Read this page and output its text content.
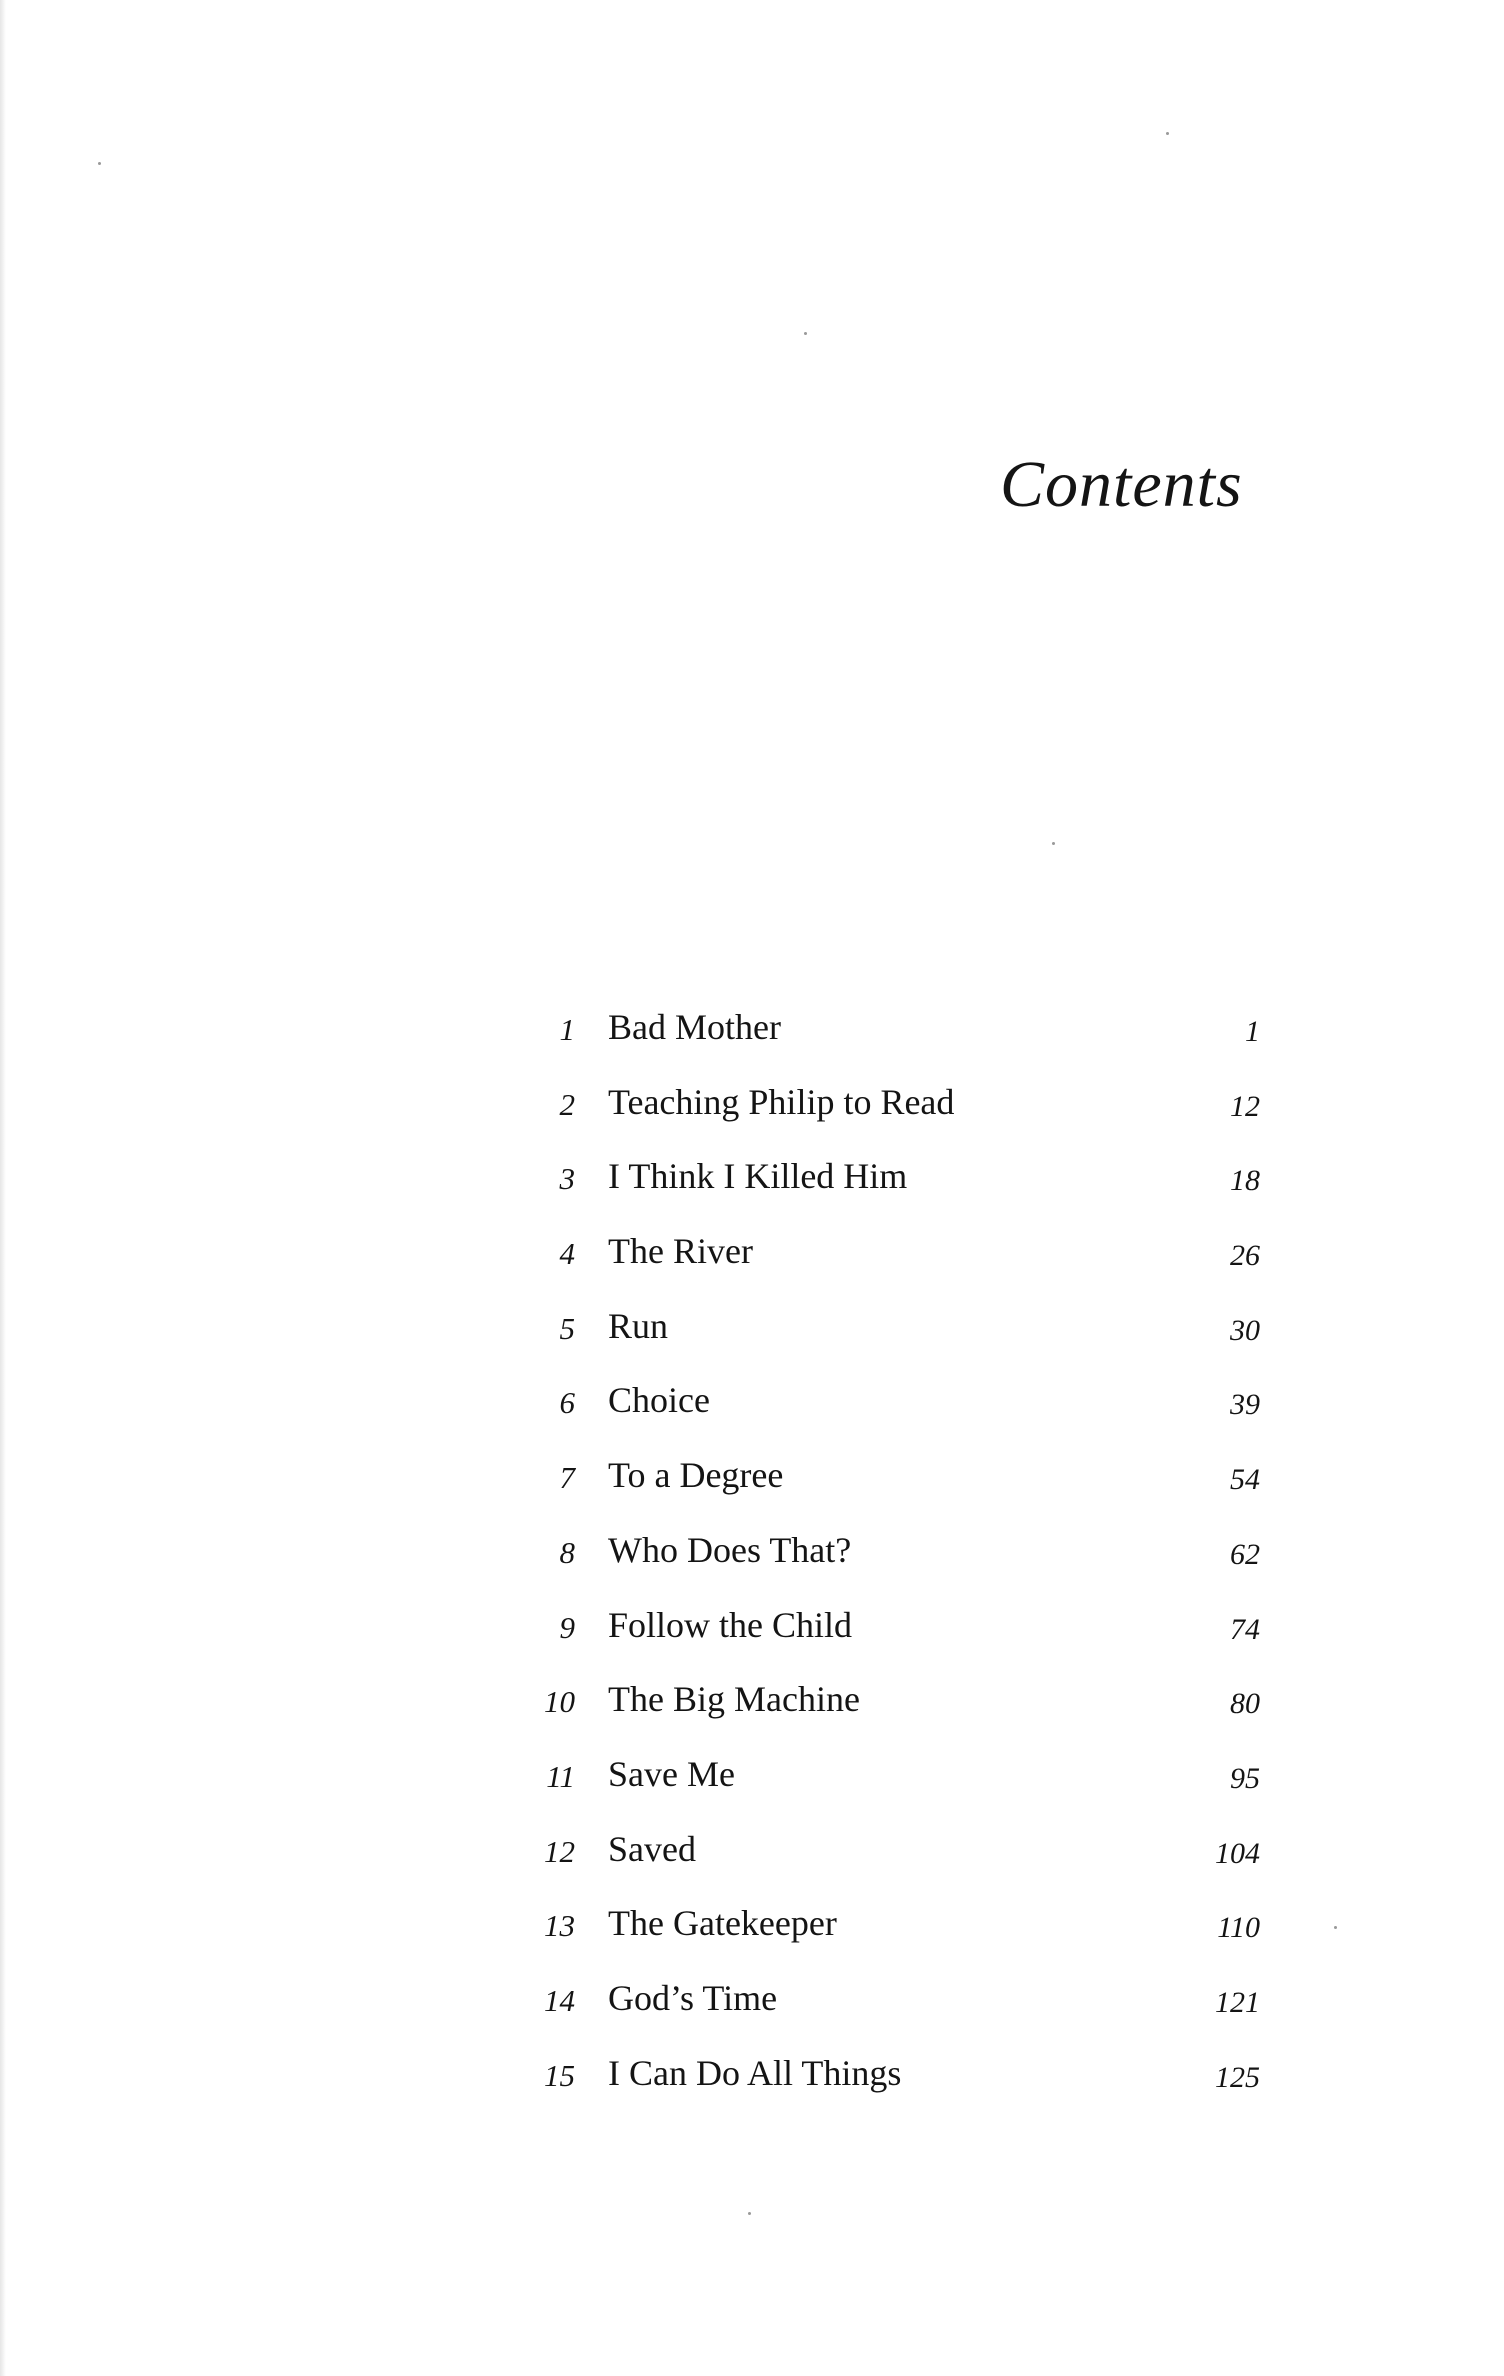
Contents
1 Bad Mother	1
2 Teaching Philip to Read	12
3 I Think I Killed Him	18
4 The River	26
5 Run	30
6 Choice	39
7 To a Degree	54
8 Who Does That?	62
9 Follow the Child	74
10 The Big Machine	80
11 Save Me	95
12 Saved	104
13 The Gatekeeper	110
14 God’s Time	121
15 I Can Do All Things	125
